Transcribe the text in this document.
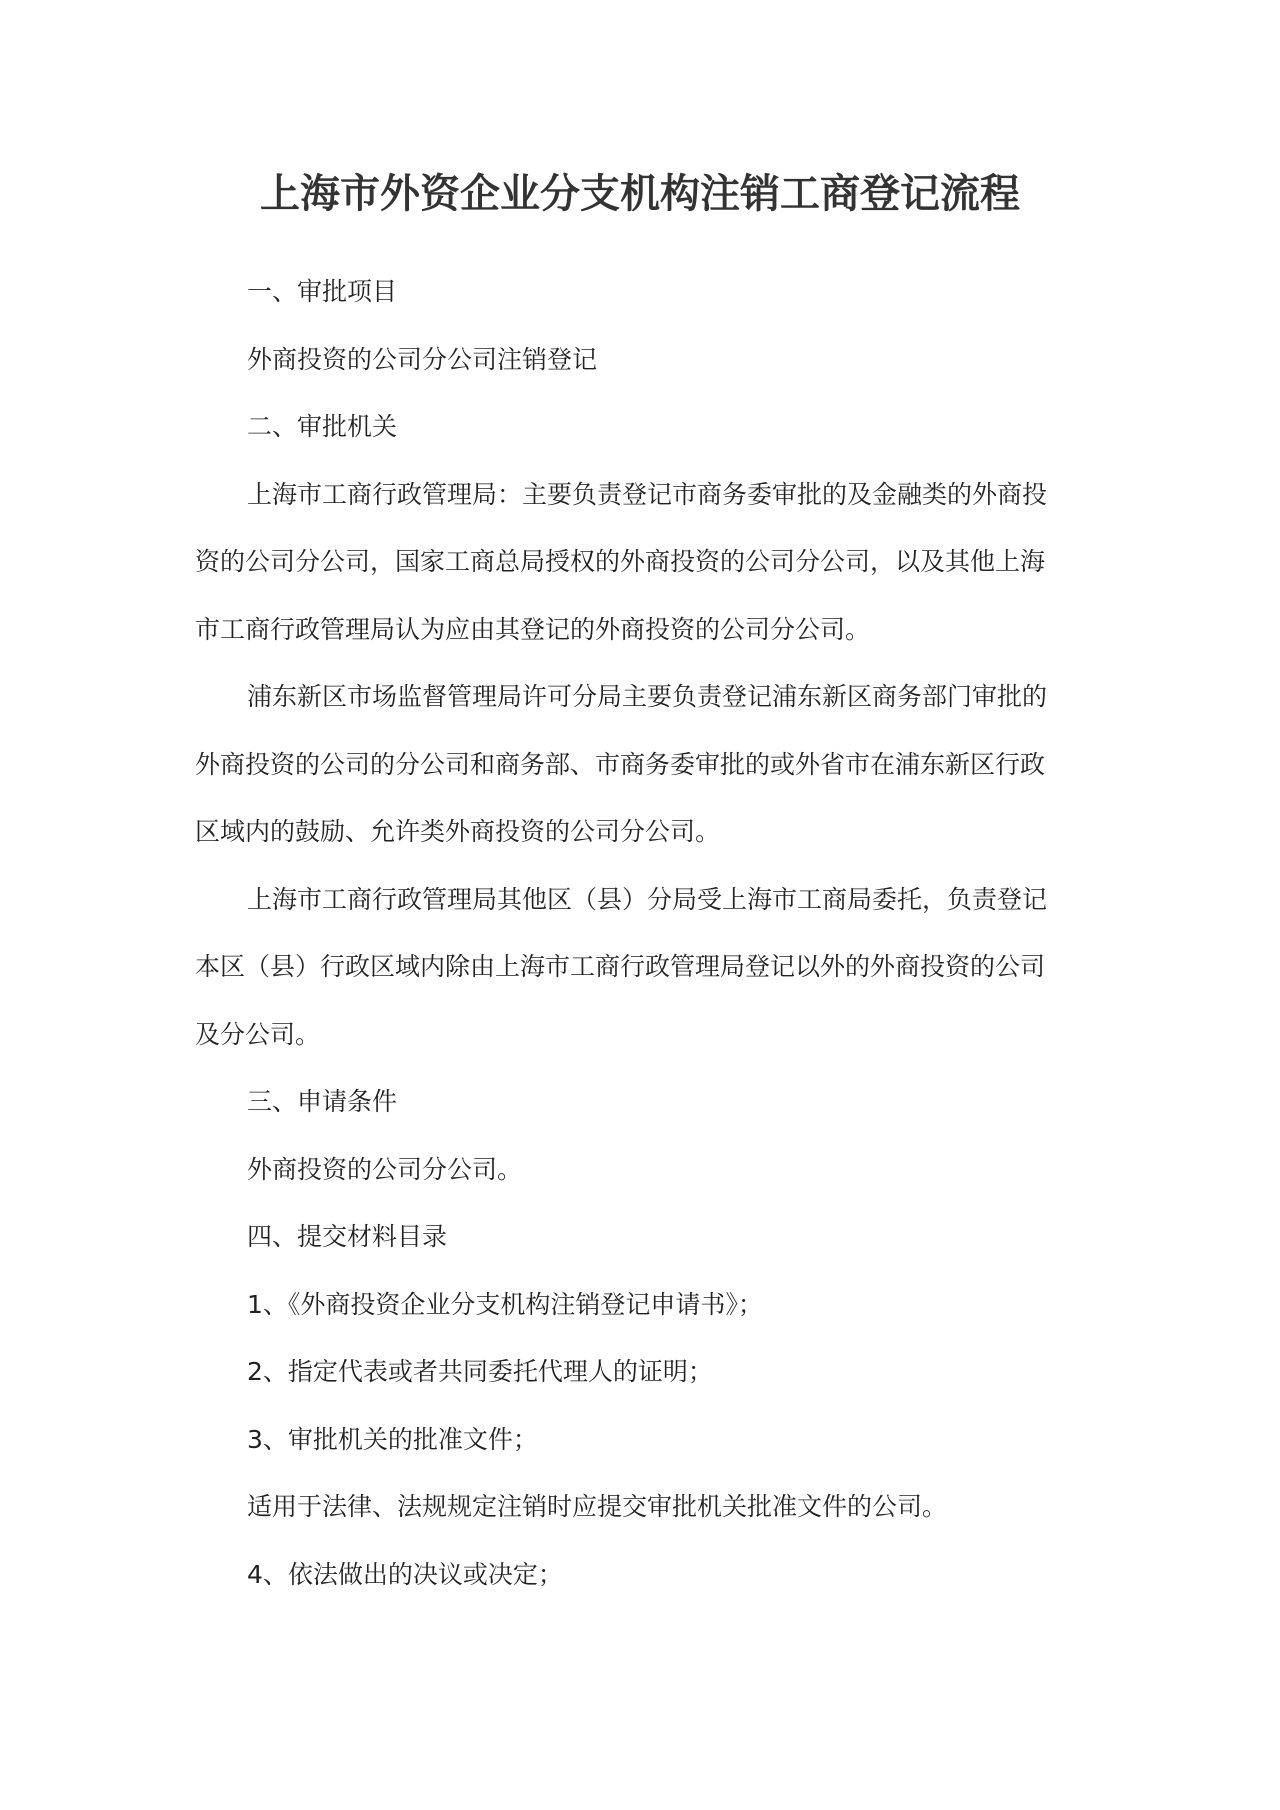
上海市外资企业分支机构注销工商登记流程

一、审批项目

外商投资的公司分公司注销登记

二、审批机关

上海市工商行政管理局：主要负责登记市商务委审批的及金融类的外商投
资的公司分公司，国家工商总局授权的外商投资的公司分公司，以及其他上海
市工商行政管理局认为应由其登记的外商投资的公司分公司。
浦东新区市场监督管理局许可分局主要负责登记浦东新区商务部门审批的
外商投资的公司的分公司和商务部、市商务委审批的或外省市在浦东新区行政
区域内的鼓励、允许类外商投资的公司分公司。
上海市工商行政管理局其他区（县）分局受上海市工商局委托，负责登记
本区（县）行政区域内除由上海市工商行政管理局登记以外的外商投资的公司
及分公司。

三、申请条件

外商投资的公司分公司。

四、提交材料目录

1、《外商投资企业分支机构注销登记申请书》；

2、指定代表或者共同委托代理人的证明；

3、审批机关的批准文件；

适用于法律、法规规定注销时应提交审批机关批准文件的公司。

4、依法做出的决议或决定；
